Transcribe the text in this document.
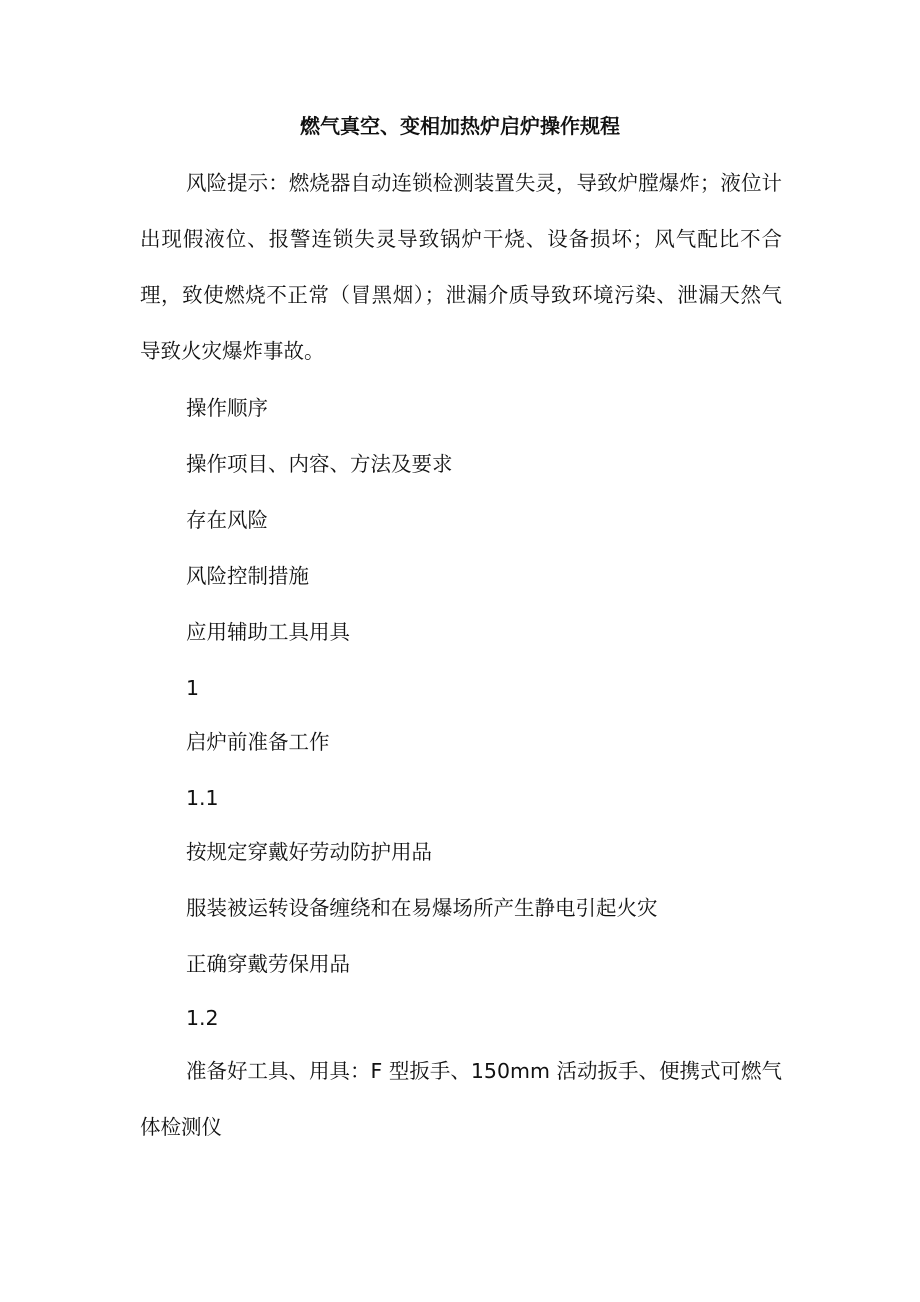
燃气真空、变相加热炉启炉操作规程
风险提示：燃烧器自动连锁检测装置失灵，导致炉膛爆炸；液位计出现假液位、报警连锁失灵导致锅炉干烧、设备损坏；风气配比不合理，致使燃烧不正常（冒黑烟）；泄漏介质导致环境污染、泄漏天然气导致火灾爆炸事故。
操作顺序
操作项目、内容、方法及要求
存在风险
风险控制措施
应用辅助工具用具
1
启炉前准备工作
1.1
按规定穿戴好劳动防护用品
服装被运转设备缠绕和在易爆场所产生静电引起火灾
正确穿戴劳保用品
1.2
准备好工具、用具：F 型扳手、150mm 活动扳手、便携式可燃气体检测仪
